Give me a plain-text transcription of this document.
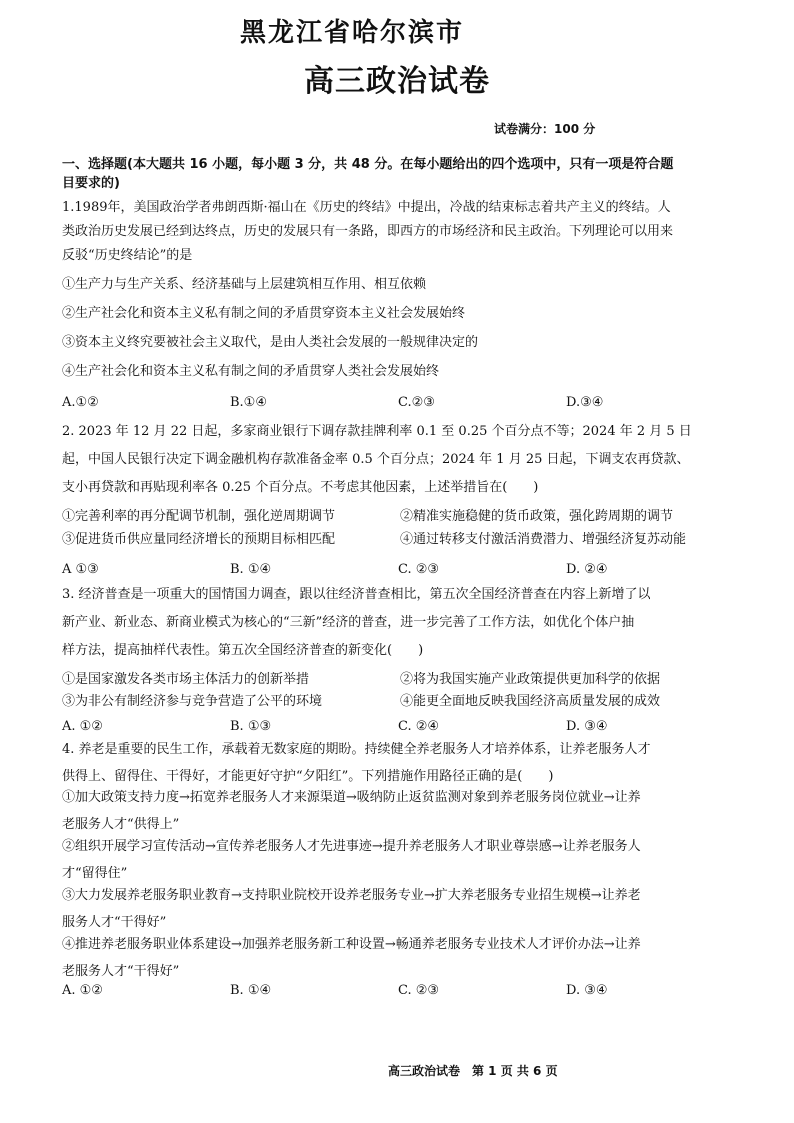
黑龙江省哈尔滨市
高三政治试卷
试卷满分：100 分
一、选择题(本大题共 16 小题，每小题 3 分，共 48 分。在每小题给出的四个选项中，只有一项是符合题
目要求的)
1.1989年，美国政治学者弗朗西斯·福山在《历史的终结》中提出，冷战的结束标志着共产主义的终结。人
类政治历史发展已经到达终点，历史的发展只有一条路，即西方的市场经济和民主政治。下列理论可以用来
反驳“历史终结论”的是
①生产力与生产关系、经济基础与上层建筑相互作用、相互依赖
②生产社会化和资本主义私有制之间的矛盾贯穿资本主义社会发展始终
③资本主义终究要被社会主义取代，是由人类社会发展的一般规律决定的
④生产社会化和资本主义私有制之间的矛盾贯穿人类社会发展始终
A.①②	B.①④	C.②③	D.③④
2. 2023 年 12 月 22 日起，多家商业银行下调存款挂牌利率 0.1 至 0.25 个百分点不等；2024 年 2 月 5 日
起，中国人民银行决定下调金融机构存款准备金率 0.5 个百分点；2024 年 1 月 25 日起，下调支农再贷款、
支小再贷款和再贴现利率各 0.25 个百分点。不考虑其他因素，上述举措旨在(　　)
①完善利率的再分配调节机制，强化逆周期调节	②精准实施稳健的货币政策，强化跨周期的调节
③促进货币供应量同经济增长的预期目标相匹配	④通过转移支付激活消费潜力、增强经济复苏动能
A ①③	B. ①④	C. ②③	D. ②④
3. 经济普查是一项重大的国情国力调查，跟以往经济普查相比，第五次全国经济普查在内容上新增了以
新产业、新业态、新商业模式为核心的“三新”经济的普查，进一步完善了工作方法，如优化个体户抽
样方法，提高抽样代表性。第五次全国经济普查的新变化(　　)
①是国家激发各类市场主体活力的创新举措	②将为我国实施产业政策提供更加科学的依据
③为非公有制经济参与竞争营造了公平的环境	④能更全面地反映我国经济高质量发展的成效
A. ①②	B. ①③	C. ②④	D. ③④
4. 养老是重要的民生工作，承载着无数家庭的期盼。持续健全养老服务人才培养体系，让养老服务人才
供得上、留得住、干得好，才能更好守护“夕阳红”。下列措施作用路径正确的是(　　)
①加大政策支持力度→拓宽养老服务人才来源渠道→吸纳防止返贫监测对象到养老服务岗位就业→让养
老服务人才“供得上”
②组织开展学习宣传活动→宣传养老服务人才先进事迹→提升养老服务人才职业尊崇感→让养老服务人
才“留得住”
③大力发展养老服务职业教育→支持职业院校开设养老服务专业→扩大养老服务专业招生规模→让养老
服务人才“干得好”
④推进养老服务职业体系建设→加强养老服务新工种设置→畅通养老服务专业技术人才评价办法→让养
老服务人才“干得好”
A. ①②	B. ①④	C. ②③	D. ③④
高三政治试卷　第 1 页 共 6 页
